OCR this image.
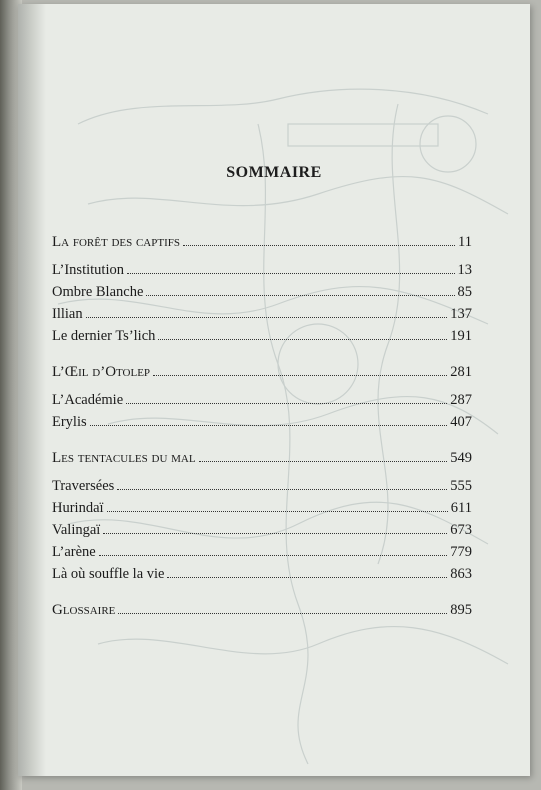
SOMMAIRE
La forêt des captifs	11
L’Institution	13
Ombre Blanche	85
Illian	137
Le dernier Ts’lich	191
L’Œil d’Otolep	281
L’Académie	287
Erylis	407
Les tentacules du mal	549
Traversées	555
Hurindaï	611
Valingaï	673
L’arène	779
Là où souffle la vie	863
Glossaire	895
